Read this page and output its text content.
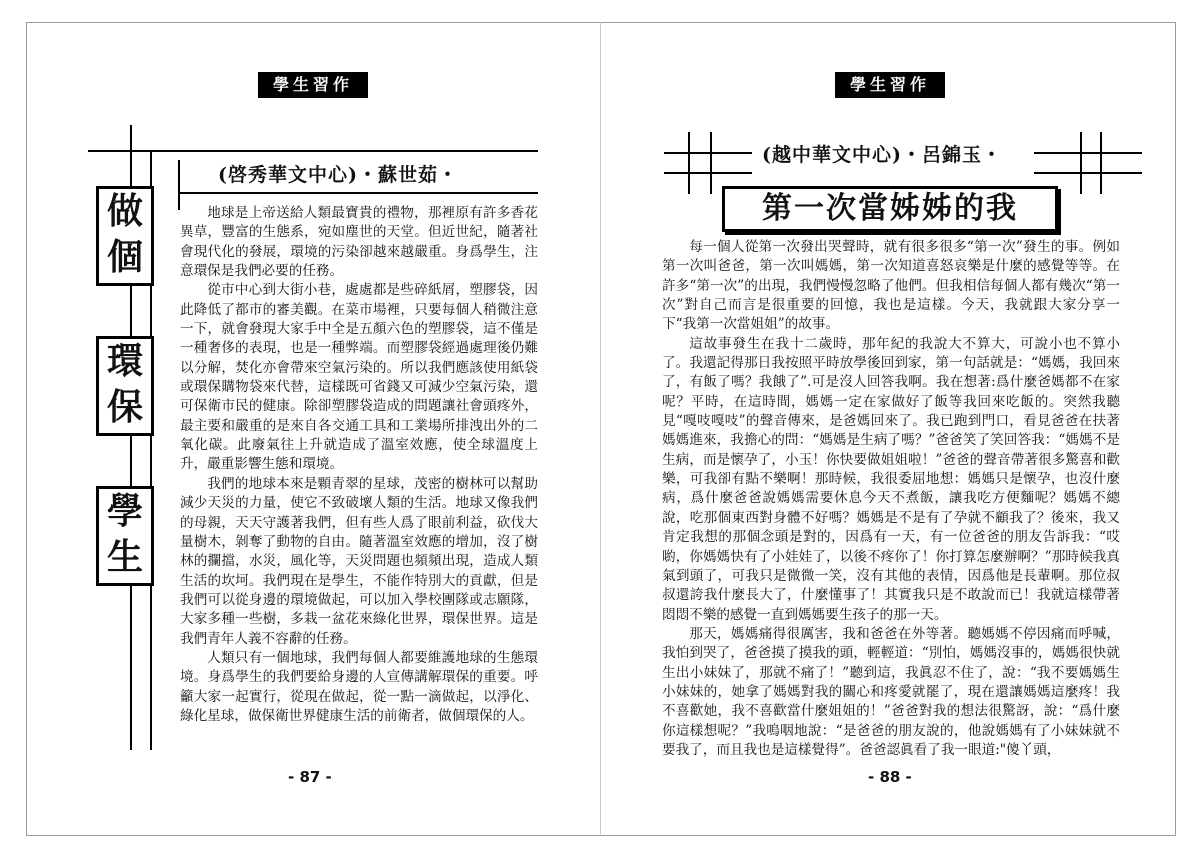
學生習作
(啓秀華文中心)・蘇世茹・
做
個
環
保
學
生

地球是上帝送給人類最寶貴的禮物，那裡原有許多香花異草，豐富的生態系，宛如塵世的天堂。但近世紀，隨著社會現代化的發展，環境的污染卻越來越嚴重。身爲學生，注意環保是我們必要的任務。

從市中心到大街小巷，處處都是些碎紙屑，塑膠袋，因此降低了都市的審美觀。在菜市場裡，只要每個人稍微注意一下，就會發現大家手中全是五顏六色的塑膠袋，這不僅是一種奢侈的表現，也是一種弊端。而塑膠袋經過處理後仍難以分解，焚化亦會帶來空氣污染的。所以我們應該使用紙袋或環保購物袋來代替，這樣既可省錢又可減少空氣污染，還可保衛市民的健康。除卻塑膠袋造成的問題讓社會頭疼外，最主要和嚴重的是來自各交通工具和工業場所排洩出外的二氧化碳。此廢氣往上升就造成了溫室效應，使全球溫度上升，嚴重影響生態和環境。

我們的地球本來是顆青翠的星球，茂密的樹林可以幫助減少天災的力量，使它不致破壞人類的生活。地球又像我們的母親，天天守護著我們，但有些人爲了眼前利益，砍伐大量樹木，剝奪了動物的自由。隨著溫室效應的增加，沒了樹林的攔擋，水災，風化等，天災問題也頻頻出現，造成人類生活的坎坷。我們現在是學生，不能作特別大的貢獻，但是我們可以從身邊的環境做起，可以加入學校團隊或志願隊，大家多種一些樹，多栽一盆花來綠化世界，環保世界。這是我們青年人義不容辭的任務。

人類只有一個地球，我們每個人都要維護地球的生態環境。身爲學生的我們要給身邊的人宣傳講解環保的重要。呼籲大家一起實行，從現在做起，從一點一滴做起，以淨化、綠化星球，做保衛世界健康生活的前衛者，做個環保的人。

- 87 -
學生習作
(越中華文中心)・呂錦玉・
第一次當姊姊的我

每一個人從第一次發出哭聲時，就有很多很多“第一次”發生的事。例如第一次叫爸爸，第一次叫媽媽，第一次知道喜怒哀樂是什麼的感覺等等。在許多“第一次”的出現，我們慢慢忽略了他們。但我相信每個人都有幾次“第一次”對自己而言是很重要的回憶，我也是這樣。今天，我就跟大家分享一下“我第一次當姐姐”的故事。

這故事發生在我十二歲時，那年紀的我說大不算大，可說小也不算小了。我還記得那日我按照平時放學後回到家，第一句話就是：“媽媽，我回來了，有飯了嗎？我餓了”.可是沒人回答我啊。我在想著:爲什麼爸媽都不在家呢？平時，在這時間，媽媽一定在家做好了飯等我回來吃飯的。突然我聽見“嘎吱嘎吱”的聲音傳來，是爸媽回來了。我已跑到門口，看見爸爸在扶著媽媽進來，我擔心的問：“媽媽是生病了嗎？”爸爸笑了笑回答我：“媽媽不是生病，而是懷孕了，小玉！你快要做姐姐啦！”爸爸的聲音帶著很多驚喜和歡樂，可我卻有點不樂啊！那時候，我很委屈地想：媽媽只是懷孕，也沒什麼病，爲什麼爸爸說媽媽需要休息今天不煮飯，讓我吃方便麵呢？媽媽不總說，吃那個東西對身體不好嗎？媽媽是不是有了孕就不顧我了？後來，我又肯定我想的那個念頭是對的，因爲有一天，有一位爸爸的朋友告訴我：“哎喲，你媽媽快有了小娃娃了，以後不疼你了！你打算怎麼辦啊？”那時候我真氣到頭了，可我只是微微一笑，沒有其他的表情，因爲他是長輩啊。那位叔叔還誇我什麼長大了，什麼懂事了！其實我只是不敢說而已！我就這樣帶著悶悶不樂的感覺一直到媽媽要生孩子的那一天。

那天，媽媽痛得很厲害，我和爸爸在外等著。聽媽媽不停因痛而呼喊，我怕到哭了，爸爸摸了摸我的頭，輕輕道：“別怕，媽媽沒事的，媽媽很快就生出小妹妹了，那就不痛了！”聽到這，我眞忍不住了，說：“我不要媽媽生小妹妹的，她拿了媽媽對我的關心和疼愛就罷了，現在還讓媽媽這麼疼！我不喜歡她，我不喜歡當什麼姐姐的！”爸爸對我的想法很驚訝，說：“爲什麼你這樣想呢？”我嗚咽地說：“是爸爸的朋友說的，他說媽媽有了小妹妹就不要我了，而且我也是這樣覺得”。爸爸認眞看了我一眼道:"傻丫頭，

- 88 -
